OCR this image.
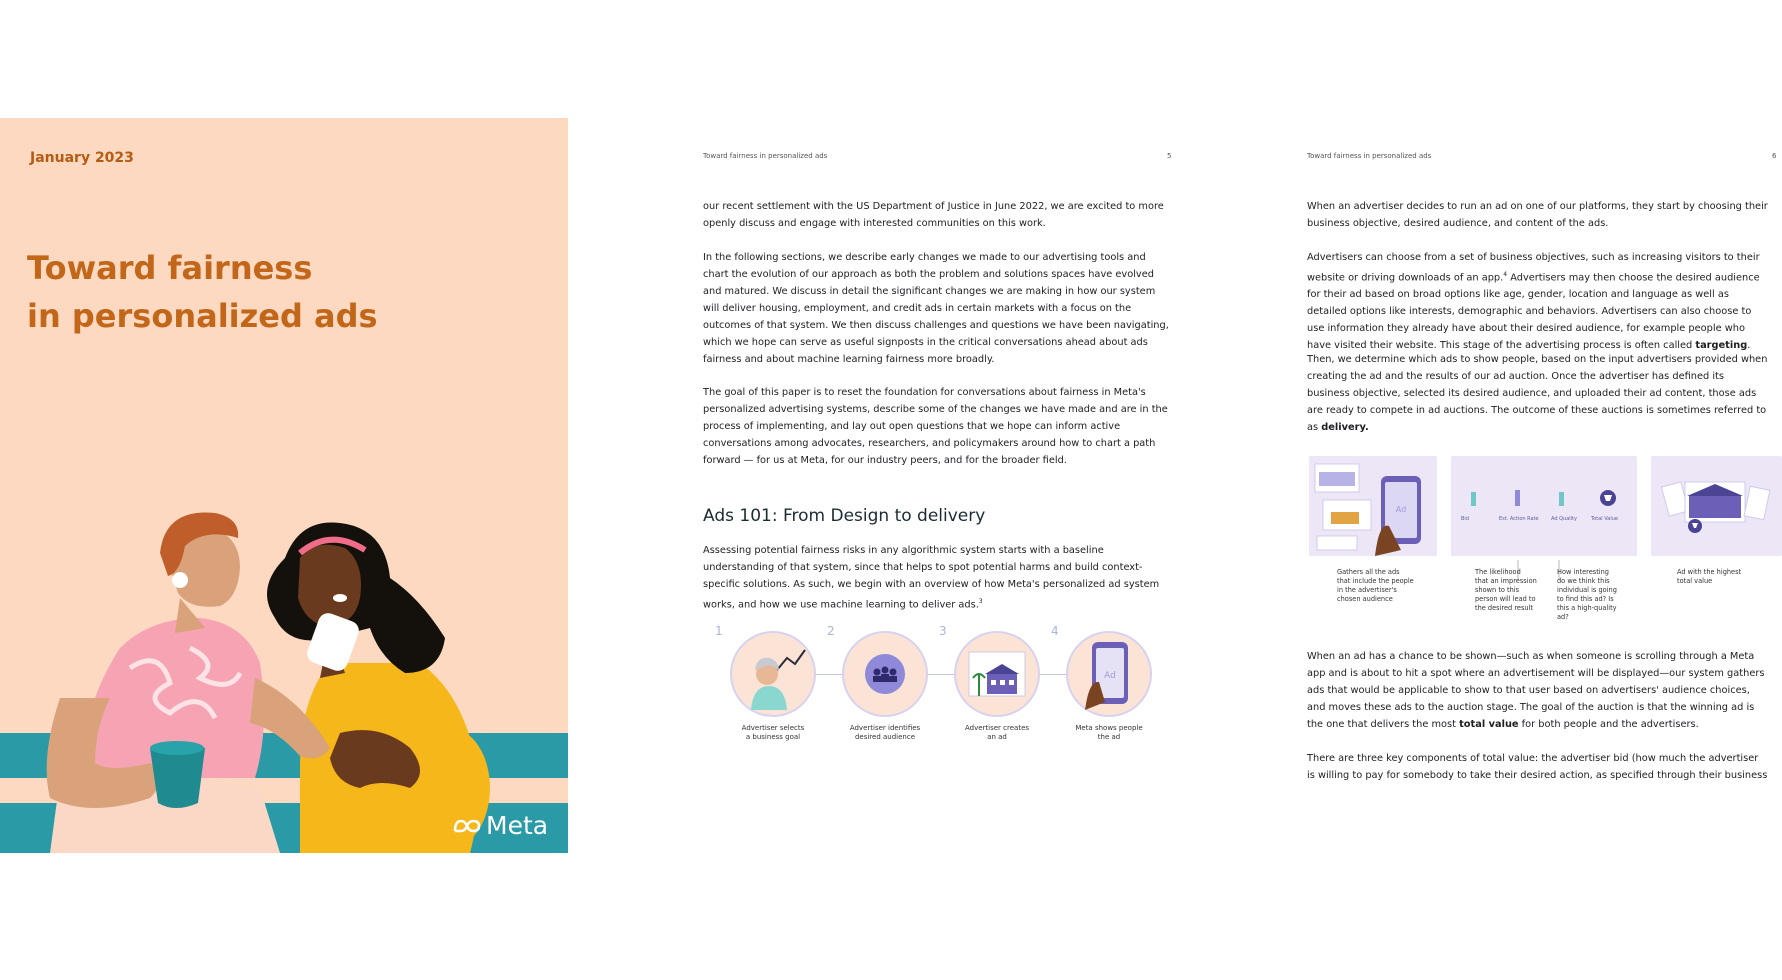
January 2023
Toward fairness
in personalized ads
Meta
Toward fairness in personalized ads	5

our recent settlement with the US Department of Justice in June 2022, we are excited to more openly discuss and engage with interested communities on this work.

In the following sections, we describe early changes we made to our advertising tools and chart the evolution of our approach as both the problem and solutions spaces have evolved and matured. We discuss in detail the significant changes we are making in how our system will deliver housing, employment, and credit ads in certain markets with a focus on the outcomes of that system. We then discuss challenges and questions we have been navigating, which we hope can serve as useful signposts in the critical conversations ahead about ads fairness and about machine learning fairness more broadly.

The goal of this paper is to reset the foundation for conversations about fairness in Meta's personalized advertising systems, describe some of the changes we have made and are in the process of implementing, and lay out open questions that we hope can inform active conversations among advocates, researchers, and policymakers around how to chart a path forward — for us at Meta, for our industry peers, and for the broader field.

Ads 101: From Design to delivery

Assessing potential fairness risks in any algorithmic system starts with a baseline understanding of that system, since that helps to spot potential harms and build context-specific solutions. As such, we begin with an overview of how Meta's personalized ad system works, and how we use machine learning to deliver ads.$^3$

1
Advertiser selects
a business goal
2
Advertiser identifies
desired audience
3
Advertiser creates
an ad
4
Ad
Meta shows people
the ad
Toward fairness in personalized ads	6

When an advertiser decides to run an ad on one of our platforms, they start by choosing their business objective, desired audience, and content of the ads.

Advertisers can choose from a set of business objectives, such as increasing visitors to their website or driving downloads of an app.$^4$ Advertisers may then choose the desired audience for their ad based on broad options like age, gender, location and language as well as detailed options like interests, demographic and behaviors. Advertisers can also choose to use information they already have about their desired audience, for example people who have visited their website. This stage of the advertising process is often called targeting.

Then, we determine which ads to show people, based on the input advertisers provided when creating the ad and the results of our ad auction. Once the advertiser has defined its business objective, selected its desired audience, and uploaded their ad content, those ads are ready to compete in ad auctions. The outcome of these auctions is sometimes referred to as delivery.

Ad
Bid	Est. Action Rate	Ad Quality	Total Value
Gathers all the ads
that include the people
in the advertiser's
chosen audience
The likelihood
that an impression
shown to this
person will lead to
the desired result
How interesting
do we think this
individual is going
to find this ad? Is
this a high-quality
ad?
Ad with the highest
total value

When an ad has a chance to be shown—such as when someone is scrolling through a Meta app and is about to hit a spot where an advertisement will be displayed—our system gathers ads that would be applicable to show to that user based on advertisers' audience choices, and moves these ads to the auction stage. The goal of the auction is that the winning ad is the one that delivers the most total value for both people and the advertisers.

There are three key components of total value: the advertiser bid (how much the advertiser is willing to pay for somebody to take their desired action, as specified through their business
